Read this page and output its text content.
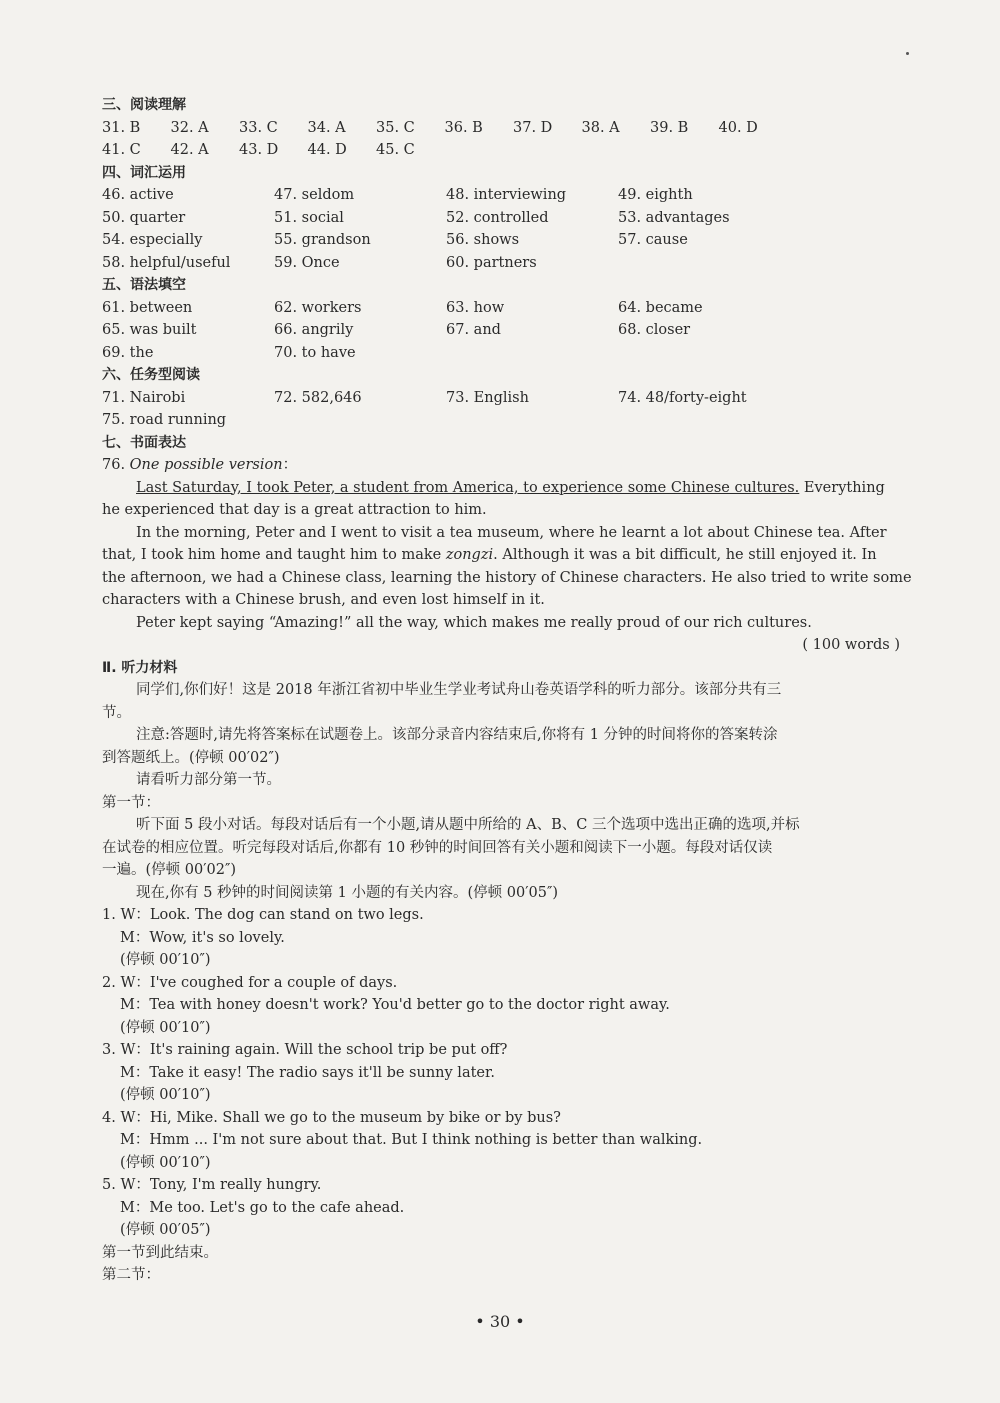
三、阅读理解
31. B	32. A	33. C	34. A	35. C	36. B	37. D	38. A	39. B	40. D
41. C	42. A	43. D	44. D	45. C
四、词汇运用
46. active	47. seldom	48. interviewing	49. eighth
50. quarter	51. social	52. controlled	53. advantages
54. especially	55. grandson	56. shows	57. cause
58. helpful/useful	59. Once	60. partners
五、语法填空
61. between	62. workers	63. how	64. became
65. was built	66. angrily	67. and	68. closer
69. the	70. to have
六、任务型阅读
71. Nairobi	72. 582,646	73. English	74. 48/forty-eight
75. road running
七、书面表达
76. One possible version：
Last Saturday, I took Peter, a student from America, to experience some Chinese cultures. Everything
he experienced that day is a great attraction to him.
In the morning, Peter and I went to visit a tea museum, where he learnt a lot about Chinese tea. After
that, I took him home and taught him to make zongzi. Although it was a bit difficult, he still enjoyed it. In
the afternoon, we had a Chinese class, learning the history of Chinese characters. He also tried to write some
characters with a Chinese brush, and even lost himself in it.
Peter kept saying “Amazing!” all the way, which makes me really proud of our rich cultures.
( 100 words )
Ⅱ. 听力材料
同学们,你们好！这是 2018 年浙江省初中毕业生学业考试舟山卷英语学科的听力部分。该部分共有三
节。
注意:答题时,请先将答案标在试题卷上。该部分录音内容结束后,你将有 1 分钟的时间将你的答案转涂
到答题纸上。(停顿 00′02″)
请看听力部分第一节。
第一节：
听下面 5 段小对话。每段对话后有一个小题,请从题中所给的 A、B、C 三个选项中选出正确的选项,并标
在试卷的相应位置。听完每段对话后,你都有 10 秒钟的时间回答有关小题和阅读下一小题。每段对话仅读
一遍。(停顿 00′02″)
现在,你有 5 秒钟的时间阅读第 1 小题的有关内容。(停顿 00′05″)
1. W：Look. The dog can stand on two legs.
M：Wow, it's so lovely.
(停顿 00′10″)
2. W：I've coughed for a couple of days.
M：Tea with honey doesn't work? You'd better go to the doctor right away.
(停顿 00′10″)
3. W：It's raining again. Will the school trip be put off?
M：Take it easy! The radio says it'll be sunny later.
(停顿 00′10″)
4. W：Hi, Mike. Shall we go to the museum by bike or by bus?
M：Hmm ... I'm not sure about that. But I think nothing is better than walking.
(停顿 00′10″)
5. W：Tony, I'm really hungry.
M：Me too. Let's go to the cafe ahead.
(停顿 00′05″)
第一节到此结束。
第二节：
• 30 •
